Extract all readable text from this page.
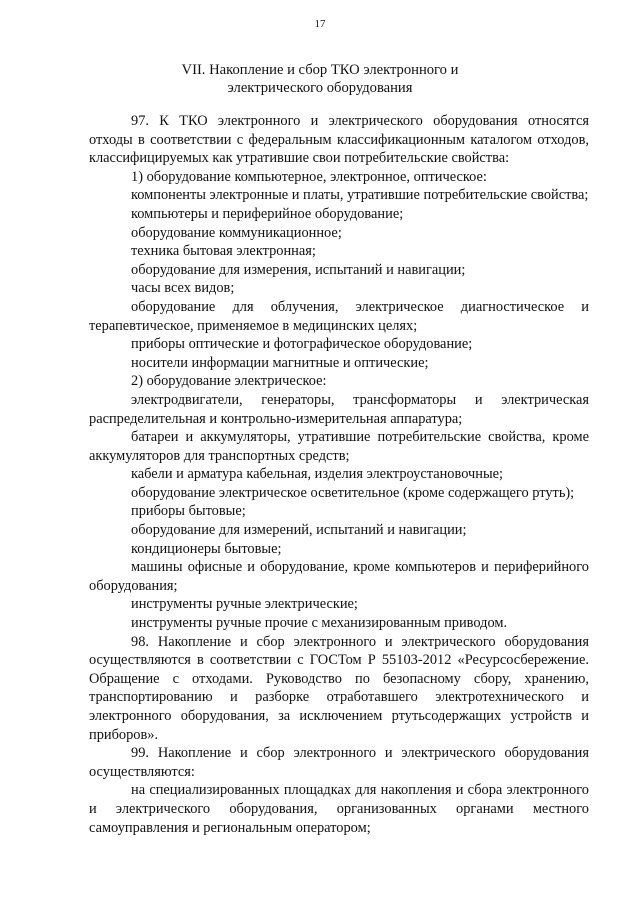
17
VII. Накопление и сбор ТКО электронного и
электрического оборудования

97. К ТКО электронного и электрического оборудования относятся отходы в соответствии с федеральным классификационным каталогом отходов, классифицируемых как утратившие свои потребительские свойства:

1) оборудование компьютерное, электронное, оптическое:

компоненты электронные и платы, утратившие потребительские свойства;

компьютеры и периферийное оборудование;

оборудование коммуникационное;

техника бытовая электронная;

оборудование для измерения, испытаний и навигации;

часы всех видов;

оборудование для облучения, электрическое диагностическое и терапевтическое, применяемое в медицинских целях;

приборы оптические и фотографическое оборудование;

носители информации магнитные и оптические;

2) оборудование электрическое:

электродвигатели, генераторы, трансформаторы и электрическая распределительная и контрольно-измерительная аппаратура;

батареи и аккумуляторы, утратившие потребительские свойства, кроме аккумуляторов для транспортных средств;

кабели и арматура кабельная, изделия электроустановочные;

оборудование электрическое осветительное (кроме содержащего ртуть);

приборы бытовые;

оборудование для измерений, испытаний и навигации;

кондиционеры бытовые;

машины офисные и оборудование, кроме компьютеров и периферийного оборудования;

инструменты ручные электрические;

инструменты ручные прочие с механизированным приводом.

98. Накопление и сбор электронного и электрического оборудования осуществляются в соответствии с ГОСТом Р 55103-2012 «Ресурсосбережение. Обращение с отходами. Руководство по безопасному сбору, хранению, транспортированию и разборке отработавшего электротехнического и электронного оборудования, за исключением ртутьсодержащих устройств и приборов».

99. Накопление и сбор электронного и электрического оборудования осуществляются:

на специализированных площадках для накопления и сбора электронного и электрического оборудования, организованных органами местного самоуправления и региональным оператором;
